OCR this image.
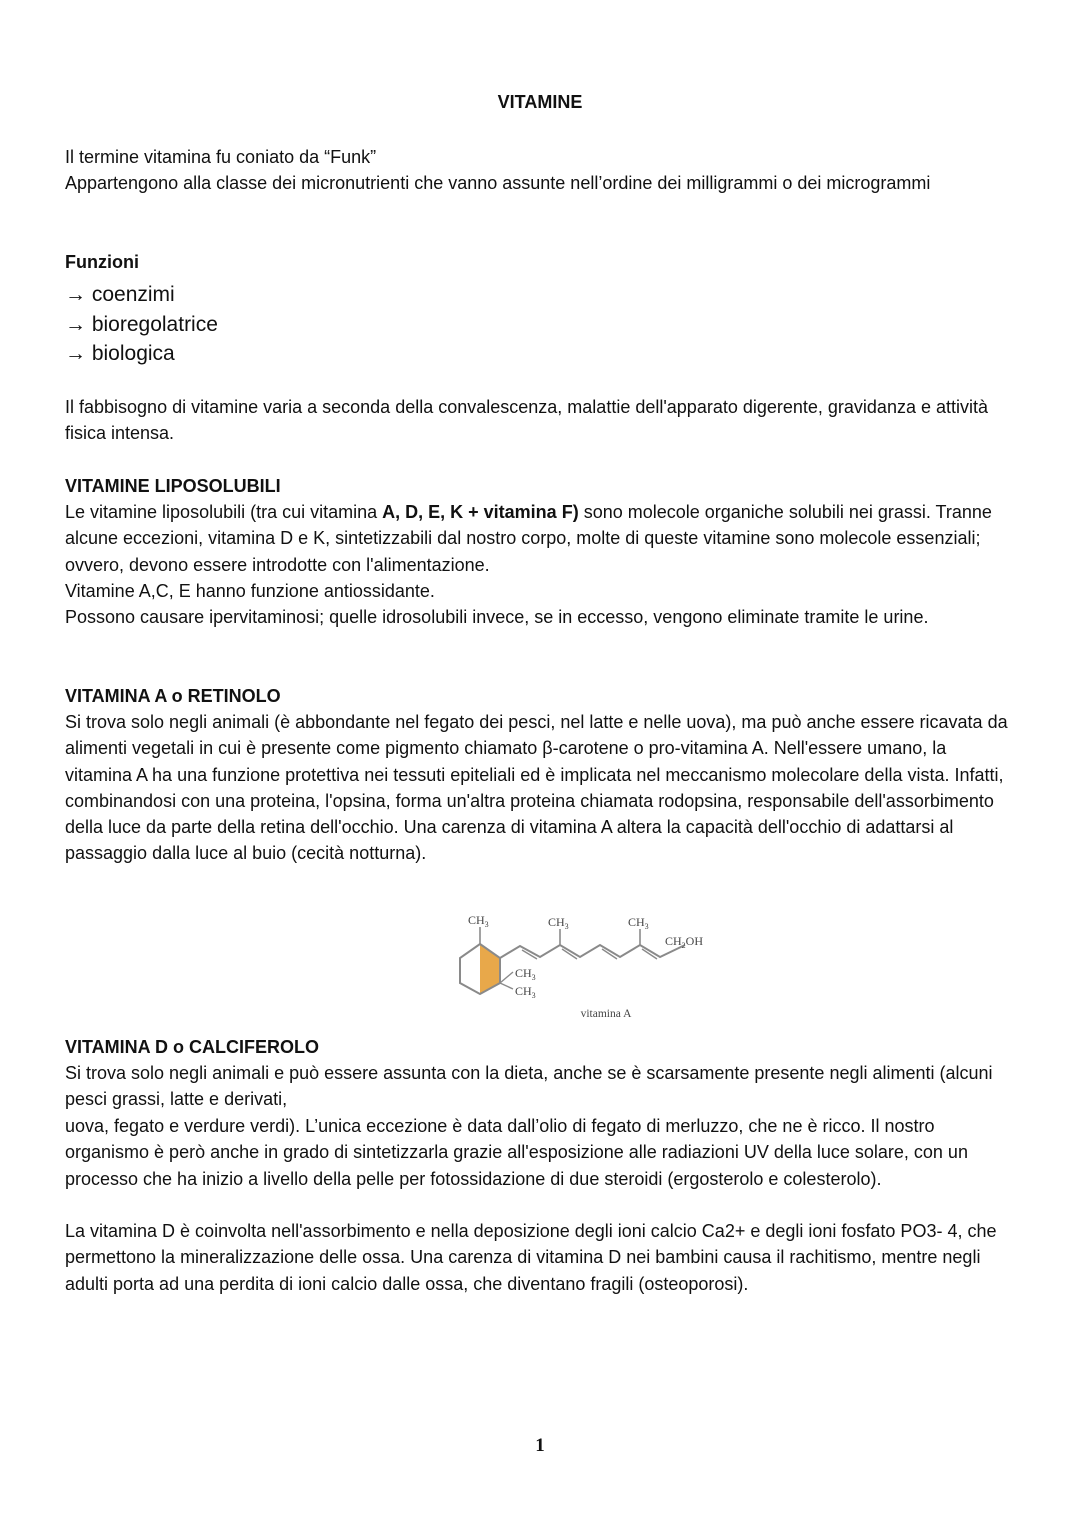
VITAMINE

Il termine vitamina fu coniato da “Funk”

Appartengono alla classe dei micronutrienti che vanno assunte nell’ordine dei milligrammi o dei microgrammi

Funzioni

→ coenzimi
→ bioregolatrice
→ biologica

Il fabbisogno di vitamine varia a seconda della convalescenza, malattie dell'apparato digerente, gravidanza e attività fisica intensa.

VITAMINE LIPOSOLUBILI

Le vitamine liposolubili (tra cui vitamina A, D, E, K + vitamina F) sono molecole organiche solubili nei grassi. Tranne alcune eccezioni, vitamina D e K, sintetizzabili dal nostro corpo, molte di queste vitamine sono molecole essenziali; ovvero, devono essere introdotte con l'alimentazione.

Vitamine A,C, E hanno funzione antiossidante.

Possono causare ipervitaminosi; quelle idrosolubili invece, se in eccesso, vengono eliminate tramite le urine.

VITAMINA A o RETINOLO

Si trova solo negli animali (è abbondante nel fegato dei pesci, nel latte e nelle uova), ma può anche essere ricavata da alimenti vegetali in cui è presente come pigmento chiamato β-carotene o pro-vitamina A. Nell'essere umano, la vitamina A ha una funzione protettiva nei tessuti epiteliali ed è implicata nel meccanismo molecolare della vista. Infatti, combinandosi con una proteina, l'opsina, forma un'altra proteina chiamata rodopsina, responsabile dell'assorbimento della luce da parte della retina dell'occhio. Una carenza di vitamina A altera la capacità dell'occhio di adattarsi al passaggio dalla luce al buio (cecità notturna).

$CH_3$	$CH_3$	$CH_3$
$CH_3$
$CH_3$
$CH_2OH$
vitamina A

VITAMINA D o CALCIFEROLO

Si trova solo negli animali e può essere assunta con la dieta, anche se è scarsamente presente negli alimenti (alcuni pesci grassi, latte e derivati,

uova, fegato e verdure verdi). L’unica eccezione è data dall’olio di fegato di merluzzo, che ne è ricco. Il nostro organismo è però anche in grado di sintetizzarla grazie all'esposizione alle radiazioni UV della luce solare, con un processo che ha inizio a livello della pelle per fotossidazione di due steroidi (ergosterolo e colesterolo).

La vitamina D è coinvolta nell'assorbimento e nella deposizione degli ioni calcio Ca2+ e degli ioni fosfato PO3- 4, che permettono la mineralizzazione delle ossa. Una carenza di vitamina D nei bambini causa il rachitismo, mentre negli adulti porta ad una perdita di ioni calcio dalle ossa, che diventano fragili (osteoporosi).

1
